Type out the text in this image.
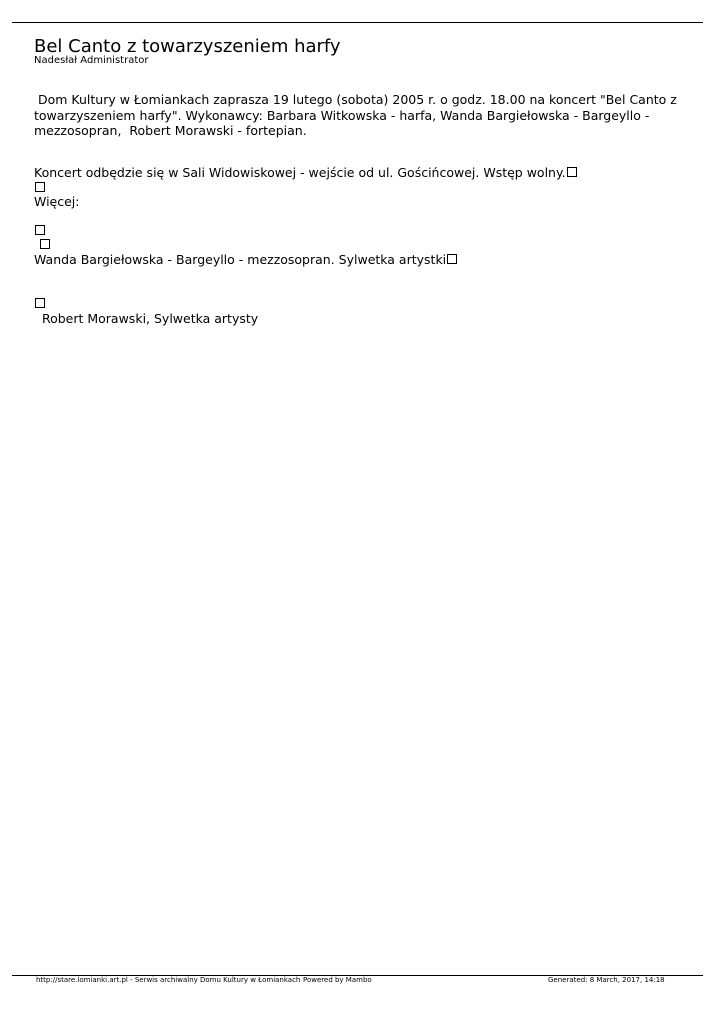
Bel Canto z towarzyszeniem harfy
Nadesłał Administrator
Dom Kultury w Łomiankach zaprasza 19 lutego (sobota) 2005 r. o godz. 18.00 na koncert "Bel Canto z
towarzyszeniem harfy". Wykonawcy: Barbara Witkowska - harfa, Wanda Bargiełowska - Bargeyllo -
mezzosopran,  Robert Morawski - fortepian.
Koncert odbędzie się w Sali Widowiskowej - wejście od ul. Gościńcowej. Wstęp wolny.
Więcej:
Wanda Bargiełowska - Bargeyllo - mezzosopran. Sylwetka artystki
Robert Morawski, Sylwetka artysty
http://stare.lomianki.art.pl - Serwis archiwalny Domu Kultury w Łomiankach Powered by Mambo	Generated: 8 March, 2017, 14:18
